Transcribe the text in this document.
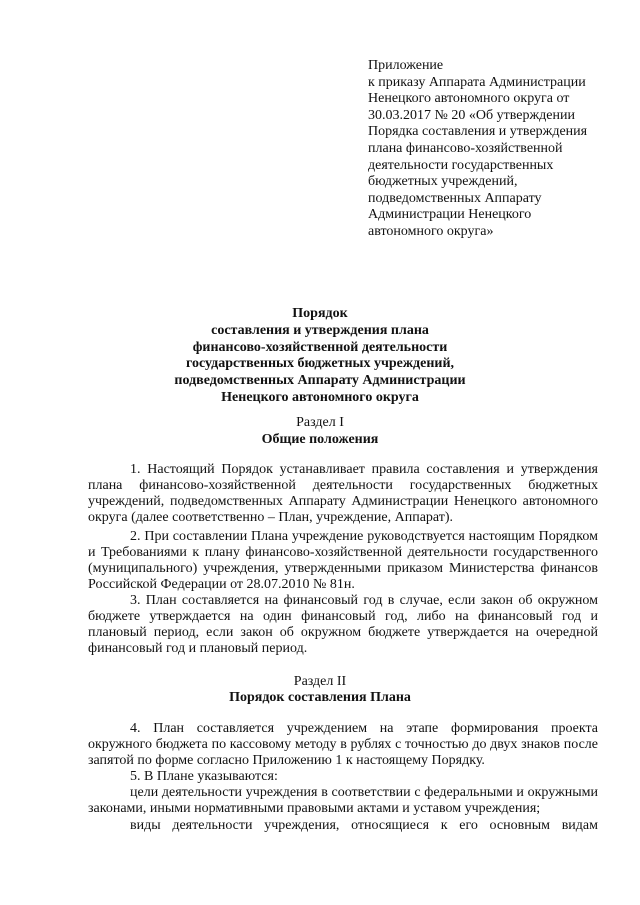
Приложение
к приказу Аппарата Администрации
Ненецкого автономного округа от
30.03.2017 № 20 «Об утверждении
Порядка составления и утверждения
плана финансово-хозяйственной
деятельности государственных
бюджетных учреждений,
подведомственных Аппарату
Администрации Ненецкого
автономного округа»
Порядок
составления и утверждения плана
финансово-хозяйственной деятельности
государственных бюджетных учреждений,
подведомственных Аппарату Администрации
Ненецкого автономного округа
Раздел I
Общие положения

1. Настоящий Порядок устанавливает правила составления и утверждения плана финансово-хозяйственной деятельности государственных бюджетных учреждений, подведомственных Аппарату Администрации Ненецкого автономного округа (далее соответственно – План, учреждение, Аппарат).

2. При составлении Плана учреждение руководствуется настоящим Порядком и Требованиями к плану финансово-хозяйственной деятельности государственного (муниципального) учреждения, утвержденными приказом Министерства финансов Российской Федерации от 28.07.2010 № 81н.

3. План составляется на финансовый год в случае, если закон об окружном бюджете утверждается на один финансовый год, либо на финансовый год и плановый период, если закон об окружном бюджете утверждается на очередной финансовый год и плановый период.

Раздел II
Порядок составления Плана

4. План составляется учреждением на этапе формирования проекта окружного бюджета по кассовому методу в рублях с точностью до двух знаков после запятой по форме согласно Приложению 1 к настоящему Порядку.

5. В Плане указываются:

цели деятельности учреждения в соответствии с федеральными и окружными законами, иными нормативными правовыми актами и уставом учреждения;

виды деятельности учреждения, относящиеся к его основным видам
